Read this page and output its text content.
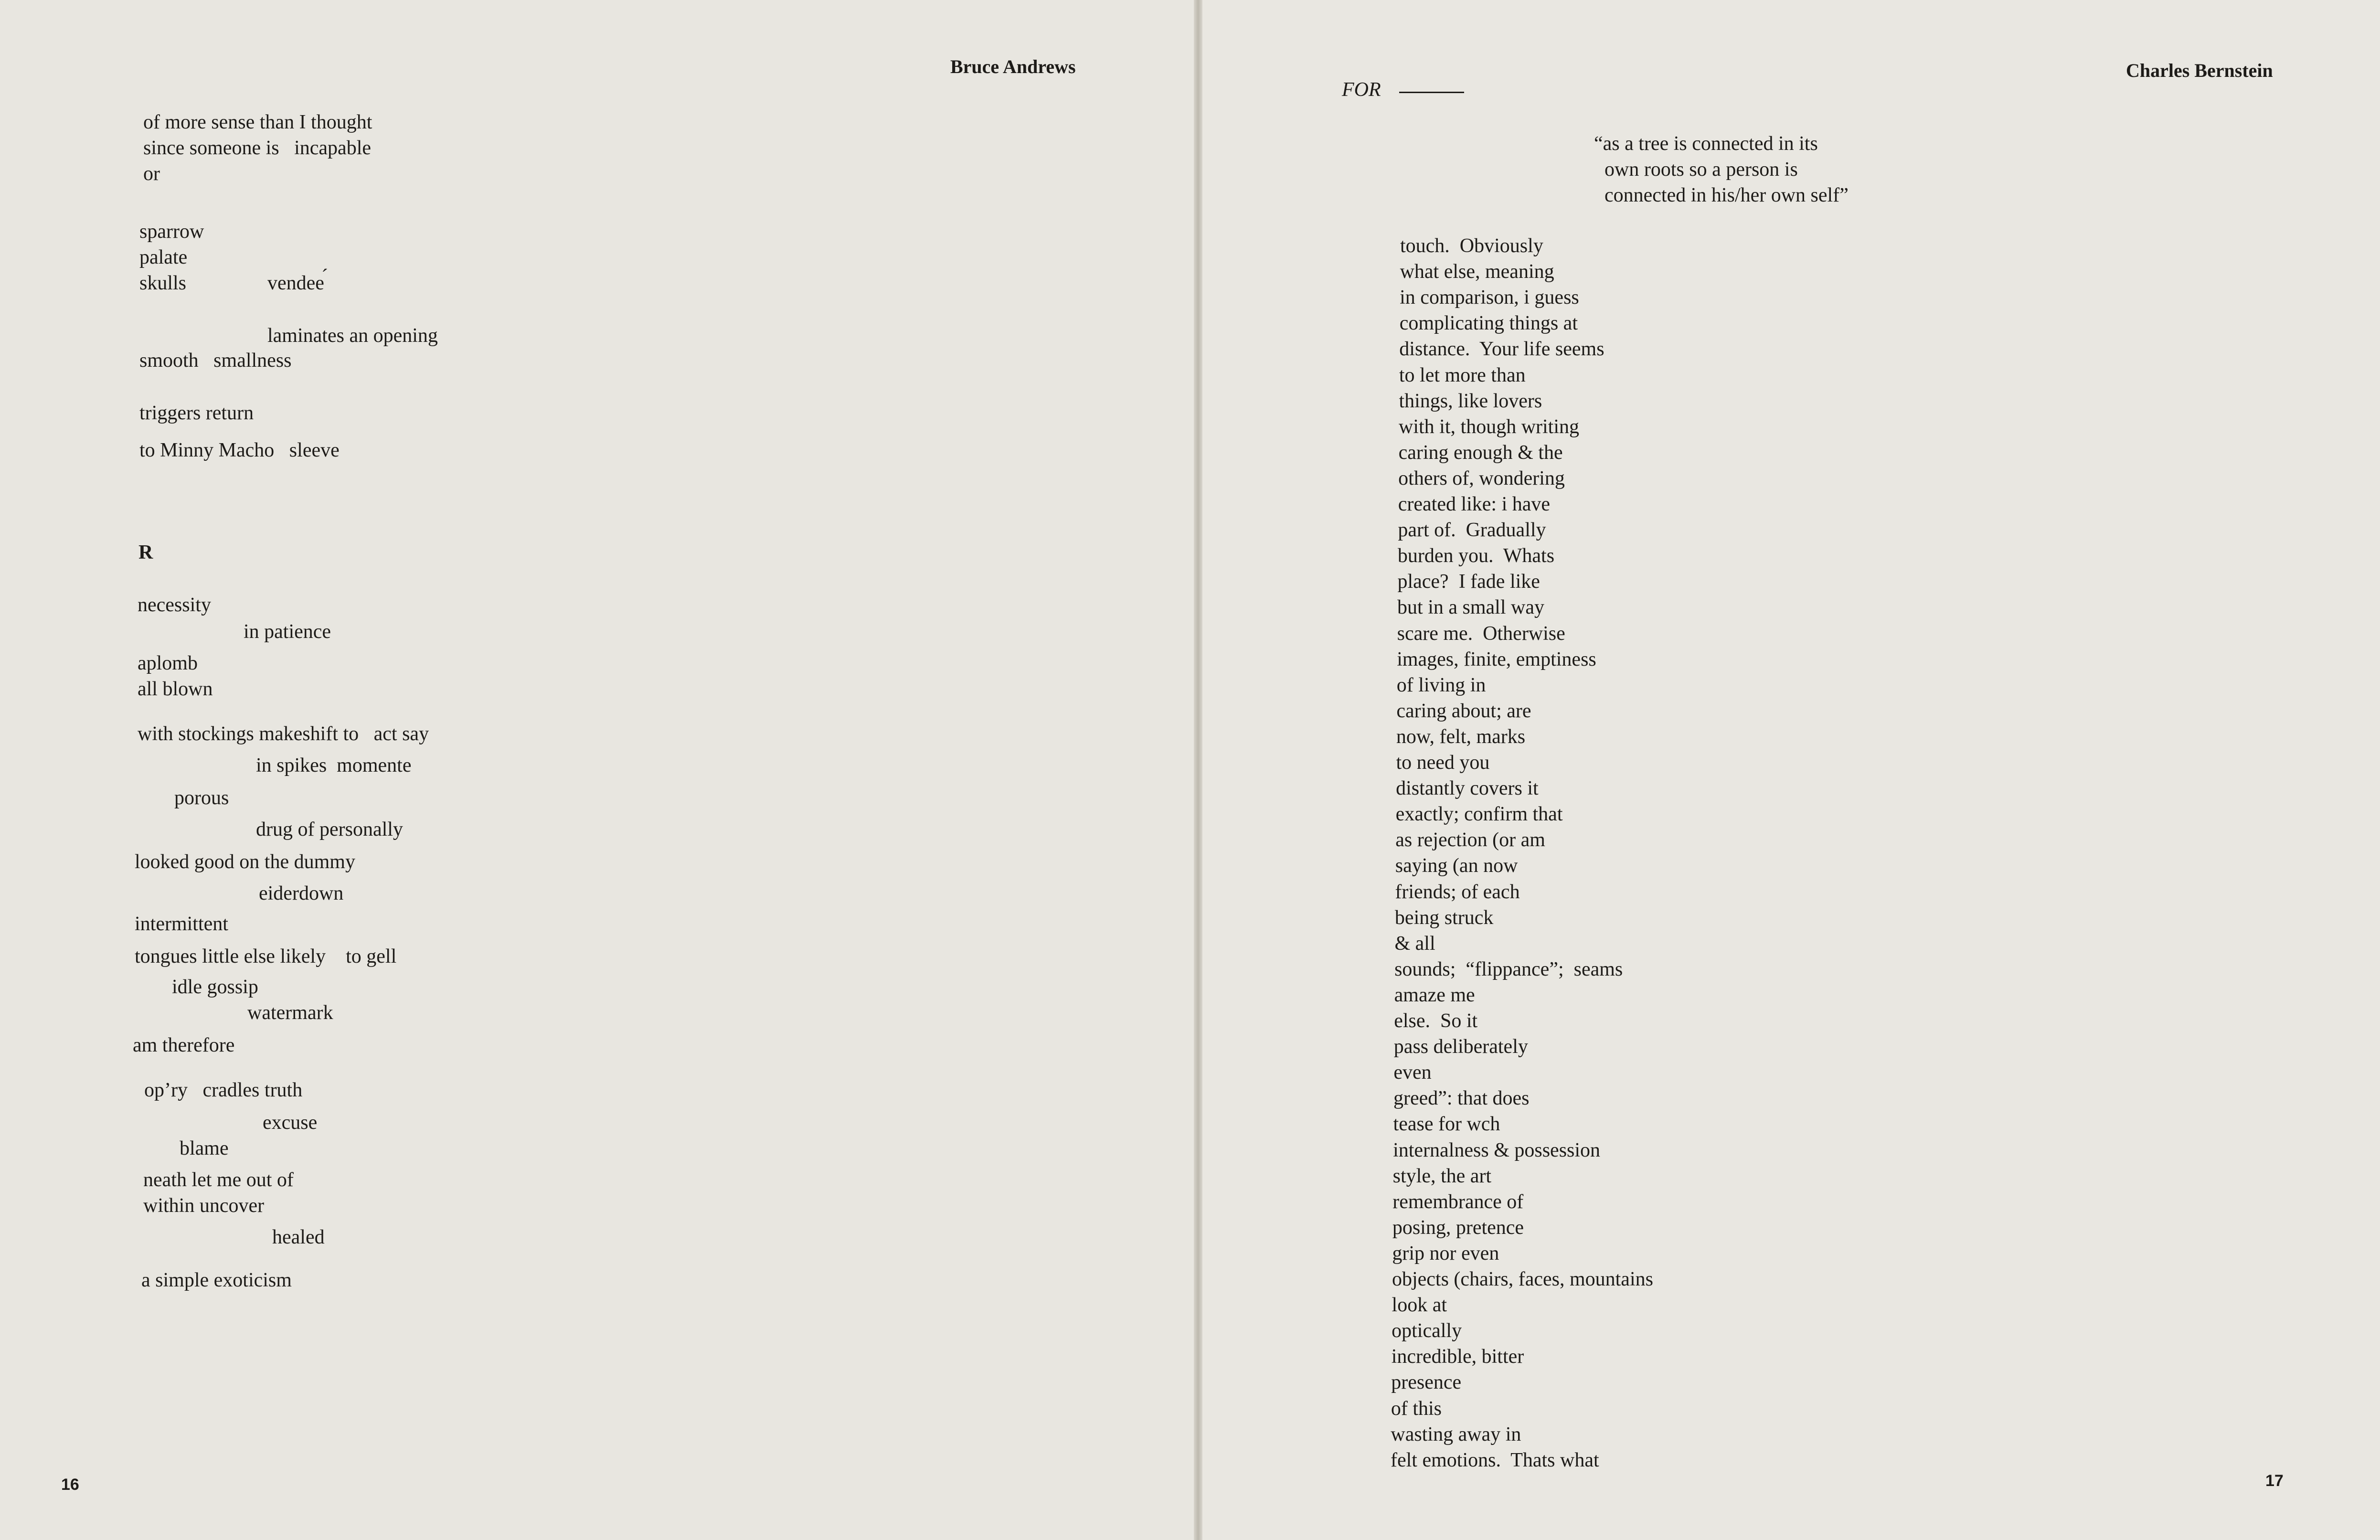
Bruce Andrews
of more sense than I thought
since someone is   incapable
or
sparrow
palate
skulls
laminates an opening
smooth   smallness
triggers return
to Minny Macho   sleeve
necessity
in patience
aplomb
all blown
with stockings makeshift to   act say
in spikes  momente
porous
drug of personally
looked good on the dummy
eiderdown
intermittent
tongues little else likely    to gell
idle gossip
watermark
am therefore
op’ry   cradles truth
excuse
blame
neath let me out of
within uncover
healed
a simple exoticism
vendee´
R
16
Charles Bernstein
FOR
“as a tree is connected in its
own roots so a person is
connected in his/her own self”
touch.  Obviously
what else, meaning
in comparison, i guess
complicating things at
distance.  Your life seems
to let more than
things, like lovers
with it, though writing
caring enough & the
others of, wondering
created like: i have
part of.  Gradually
burden you.  Whats
place?  I fade like
but in a small way
scare me.  Otherwise
images, finite, emptiness
of living in
caring about; are
now, felt, marks
to need you
distantly covers it
exactly; confirm that
as rejection (or am
saying (an now
friends; of each
being struck
& all
sounds;  “flippance”;  seams
amaze me
else.  So it
pass deliberately
even
greed”: that does
tease for wch
internalness & possession
style, the art
remembrance of
posing, pretence
grip nor even
objects (chairs, faces, mountains
look at
optically
incredible, bitter
presence
of this
wasting away in
felt emotions.  Thats what
17
